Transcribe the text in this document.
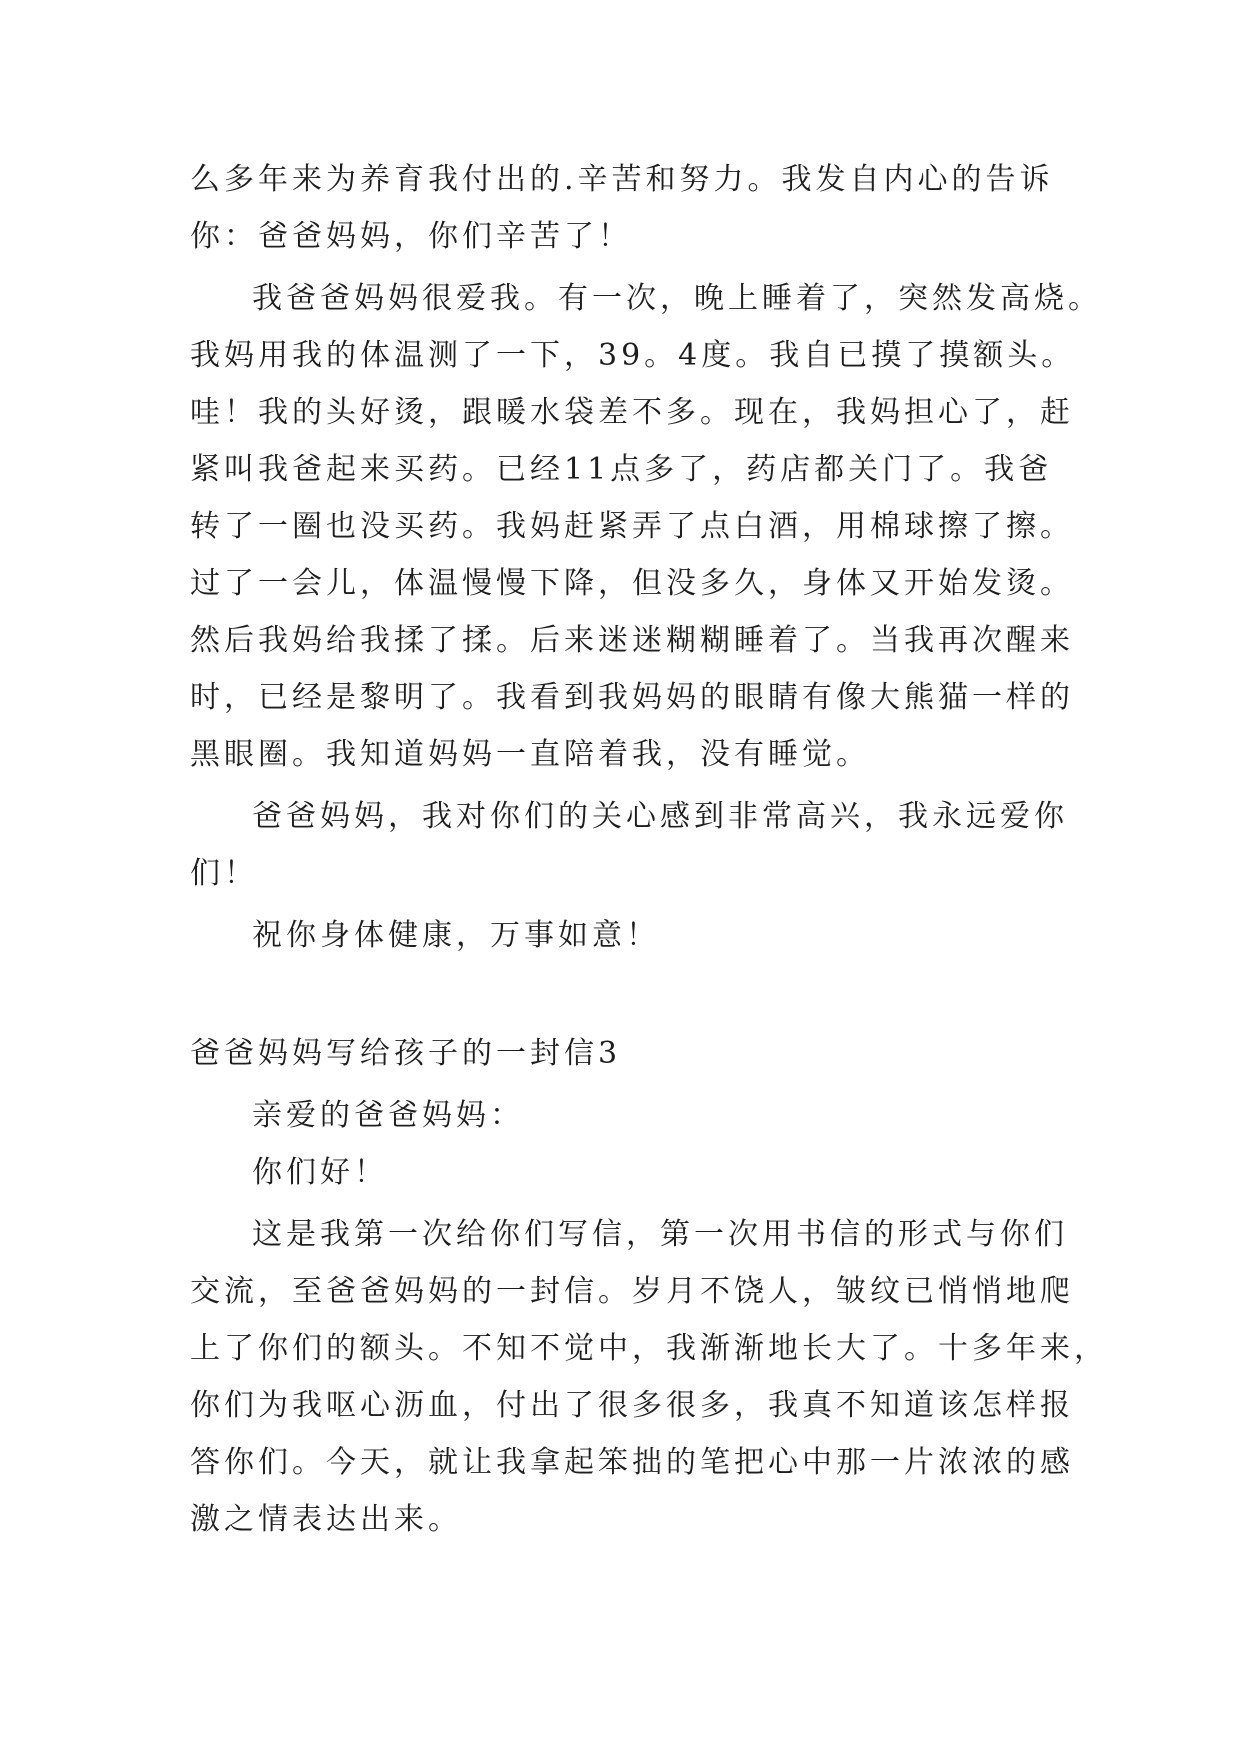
么多年来为养育我付出的.辛苦和努力。我发自内心的告诉
你：爸爸妈妈，你们辛苦了！
我爸爸妈妈很爱我。有一次，晚上睡着了，突然发高烧。
我妈用我的体温测了一下，39。4度。我自已摸了摸额头。
哇！我的头好烫，跟暖水袋差不多。现在，我妈担心了，赶
紧叫我爸起来买药。已经11点多了，药店都关门了。我爸
转了一圈也没买药。我妈赶紧弄了点白酒，用棉球擦了擦。
过了一会儿，体温慢慢下降，但没多久，身体又开始发烫。
然后我妈给我揉了揉。后来迷迷糊糊睡着了。当我再次醒来
时，已经是黎明了。我看到我妈妈的眼睛有像大熊猫一样的
黑眼圈。我知道妈妈一直陪着我，没有睡觉。
爸爸妈妈，我对你们的关心感到非常高兴，我永远爱你
们！
祝你身体健康，万事如意！
爸爸妈妈写给孩子的一封信3
亲爱的爸爸妈妈：
你们好！
这是我第一次给你们写信，第一次用书信的形式与你们
交流，至爸爸妈妈的一封信。岁月不饶人，皱纹已悄悄地爬
上了你们的额头。不知不觉中，我渐渐地长大了。十多年来，
你们为我呕心沥血，付出了很多很多，我真不知道该怎样报
答你们。今天，就让我拿起笨拙的笔把心中那一片浓浓的感
激之情表达出来。
